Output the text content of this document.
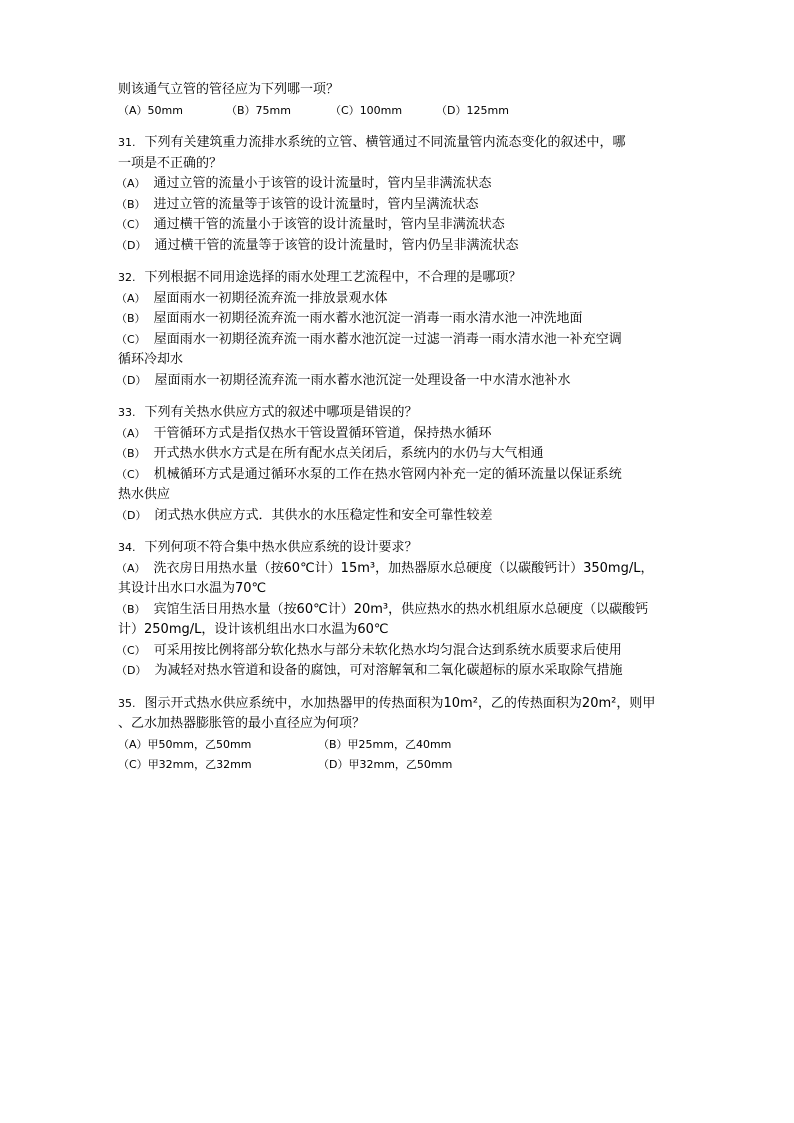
则该通气立管的管径应为下列哪一项？
（A）50mm	（B）75mm	（C）100mm	（D）125mm
31. 下列有关建筑重力流排水系统的立管、横管通过不同流量管内流态变化的叙述中，哪
一项是不正确的？
（A） 通过立管的流量小于该管的设计流量时，管内呈非满流状态
（B） 进过立管的流量等于该管的设计流量时，管内呈满流状态
（C） 通过横干管的流量小于该管的设计流量时，管内呈非满流状态
（D） 通过横干管的流量等于该管的设计流量时，管内仍呈非满流状态
32. 下列根据不同用途选择的雨水处理工艺流程中，不合理的是哪项？
（A） 屋面雨水一初期径流弃流一排放景观水体
（B） 屋面雨水一初期径流弃流一雨水蓄水池沉淀一消毒一雨水清水池一冲洗地面
（C） 屋面雨水一初期径流弃流一雨水蓄水池沉淀一过滤一消毒一雨水清水池一补充空调
循环冷却水
（D） 屋面雨水一初期径流弃流一雨水蓄水池沉淀一处理设备一中水清水池补水
33. 下列有关热水供应方式的叙述中哪项是错误的？
（A） 干管循环方式是指仅热水干管设置循环管道，保持热水循环
（B） 开式热水供水方式是在所有配水点关闭后，系统内的水仍与大气相通
（C） 机械循环方式是通过循环水泵的工作在热水管网内补充一定的循环流量以保证系统
热水供应
（D） 闭式热水供应方式．其供水的水压稳定性和安全可靠性较差
34. 下列何项不符合集中热水供应系统的设计要求？
（A） 洗衣房日用热水量（按60℃计）15m³，加热器原水总硬度（以碳酸钙计）350mg/L，
其设计出水口水温为70℃
（B） 宾馆生活日用热水量（按60℃计）20m³，供应热水的热水机组原水总硬度（以碳酸钙
计）250mg/L，设计该机组出水口水温为60℃
（C） 可采用按比例将部分软化热水与部分未软化热水均匀混合达到系统水质要求后使用
（D） 为减轻对热水管道和设备的腐蚀，可对溶解氧和二氧化碳超标的原水采取除气措施
35. 图示开式热水供应系统中，水加热器甲的传热面积为10m²，乙的传热面积为20m²，则甲
、乙水加热器膨胀管的最小直径应为何项？
（A）甲50mm，乙50mm	（B）甲25mm，乙40mm
（C）甲32mm，乙32mm	（D）甲32mm，乙50mm
